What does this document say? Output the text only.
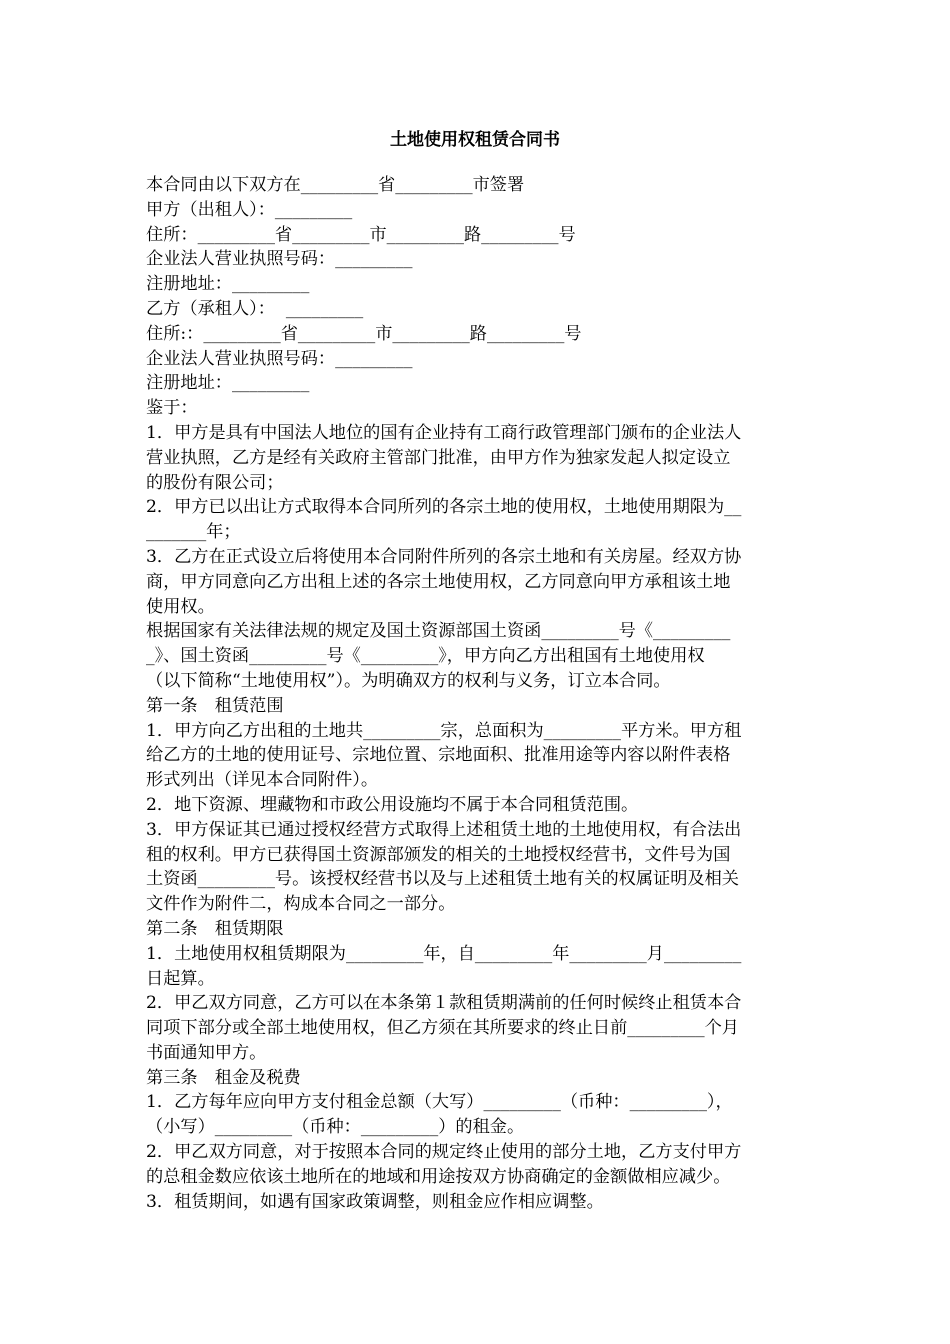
土地使用权租赁合同书
本合同由以下双方在_________省_________市签署
甲方（出租人）：_________
住所：_________省_________市_________路_________号
企业法人营业执照号码：_________
注册地址：_________
乙方（承租人）：  _________
住所:：_________省_________市_________路_________号
企业法人营业执照号码：_________
注册地址：_________
鉴于：
1．甲方是具有中国法人地位的国有企业持有工商行政管理部门颁布的企业法人
营业执照，乙方是经有关政府主管部门批准，由甲方作为独家发起人拟定设立
的股份有限公司；
2．甲方已以出让方式取得本合同所列的各宗土地的使用权，土地使用期限为__
_______年；
3．乙方在正式设立后将使用本合同附件所列的各宗土地和有关房屋。经双方协
商，甲方同意向乙方出租上述的各宗土地使用权，乙方同意向甲方承租该土地
使用权。
根据国家有关法律法规的规定及国土资源部国土资函_________号《_________
_》、国土资函_________号《_________》，甲方向乙方出租国有土地使用权
（以下简称“土地使用权”）。为明确双方的权利与义务，订立本合同。
第一条　租赁范围
1．甲方向乙方出租的土地共_________宗，总面积为_________平方米。甲方租
给乙方的土地的使用证号、宗地位置、宗地面积、批准用途等内容以附件表格
形式列出（详见本合同附件）。
2．地下资源、埋藏物和市政公用设施均不属于本合同租赁范围。
3．甲方保证其已通过授权经营方式取得上述租赁土地的土地使用权，有合法出
租的权利。甲方已获得国土资源部颁发的相关的土地授权经营书，文件号为国
土资函_________号。该授权经营书以及与上述租赁土地有关的权属证明及相关
文件作为附件二，构成本合同之一部分。
第二条　租赁期限
1．土地使用权租赁期限为_________年，自_________年_________月_________
日起算。
2．甲乙双方同意，乙方可以在本条第１款租赁期满前的任何时候终止租赁本合
同项下部分或全部土地使用权，但乙方须在其所要求的终止日前_________个月
书面通知甲方。
第三条　租金及税费
1．乙方每年应向甲方支付租金总额（大写）_________（币种：_________），
（小写）_________（币种：_________）的租金。
2．甲乙双方同意，对于按照本合同的规定终止使用的部分土地，乙方支付甲方
的总租金数应依该土地所在的地域和用途按双方协商确定的金额做相应减少。
3．租赁期间，如遇有国家政策调整，则租金应作相应调整。
